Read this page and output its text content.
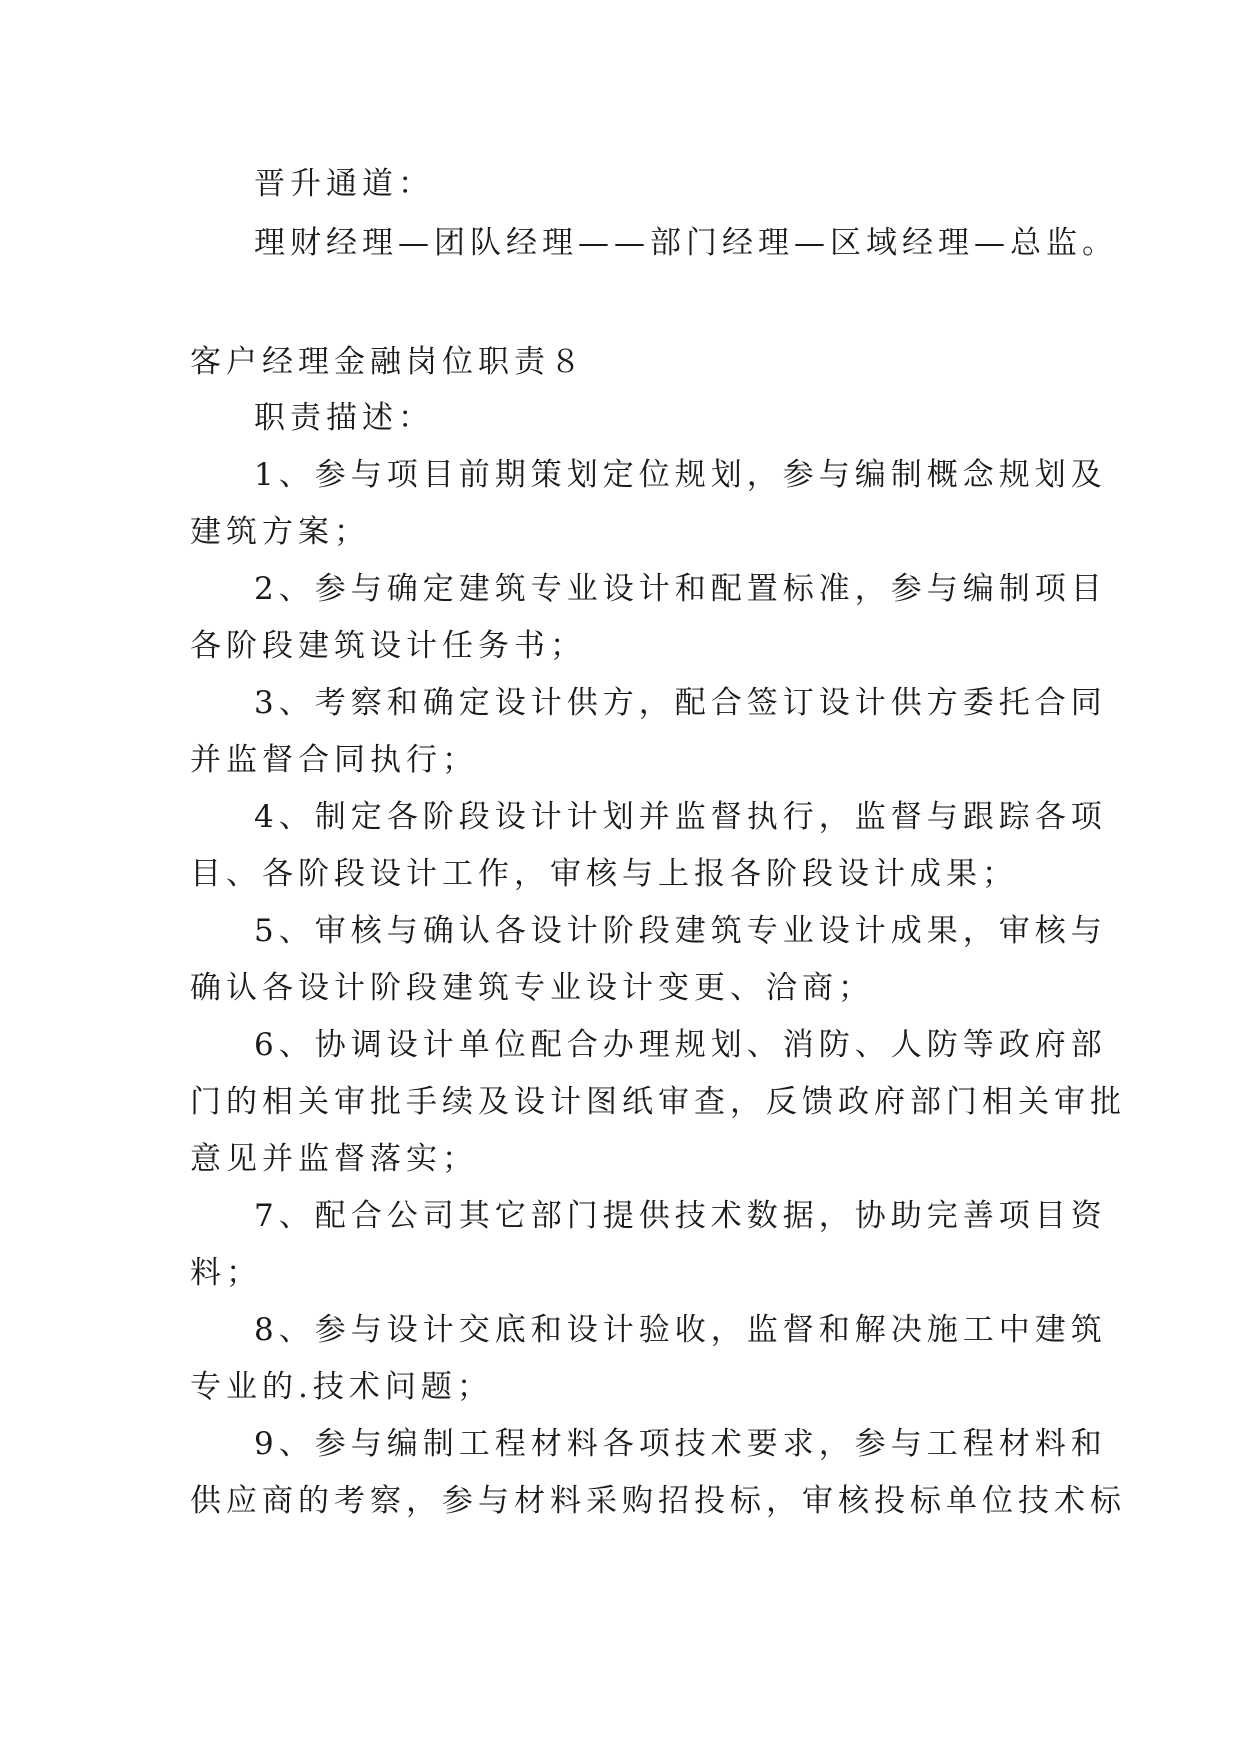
晋升通道：
理财经理—团队经理——部门经理—区域经理—总监。
客户经理金融岗位职责８
职责描述：
1、参与项目前期策划定位规划，参与编制概念规划及
建筑方案；
2、参与确定建筑专业设计和配置标准，参与编制项目
各阶段建筑设计任务书；
3、考察和确定设计供方，配合签订设计供方委托合同
并监督合同执行；
4、制定各阶段设计计划并监督执行，监督与跟踪各项
目、各阶段设计工作，审核与上报各阶段设计成果；
5、审核与确认各设计阶段建筑专业设计成果，审核与
确认各设计阶段建筑专业设计变更、洽商；
6、协调设计单位配合办理规划、消防、人防等政府部
门的相关审批手续及设计图纸审查，反馈政府部门相关审批
意见并监督落实；
7、配合公司其它部门提供技术数据，协助完善项目资
料；
8、参与设计交底和设计验收，监督和解决施工中建筑
专业的.技术问题；
9、参与编制工程材料各项技术要求，参与工程材料和
供应商的考察，参与材料采购招投标，审核投标单位技术标
